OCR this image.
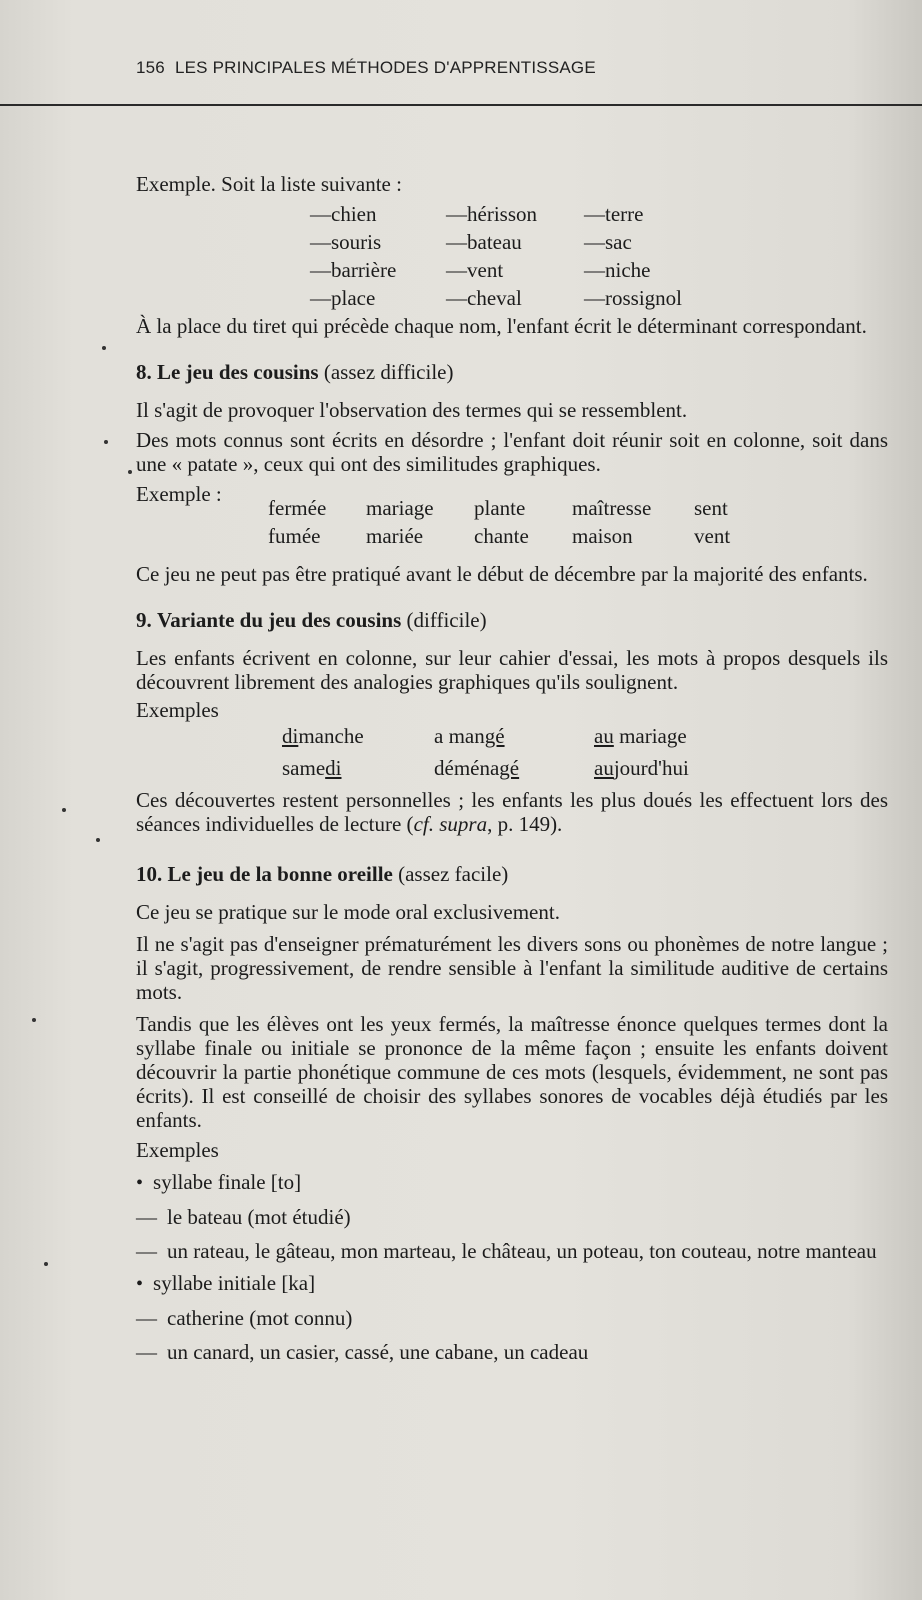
156 LES PRINCIPALES MÉTHODES D'APPRENTISSAGE

Exemple. Soit la liste suivante :

—chien	—hérisson	—terre
—souris	—bateau	—sac
—barrière	—vent	—niche
—place	—cheval	—rossignol

À la place du tiret qui précède chaque nom, l'enfant écrit le déterminant correspondant.

8. Le jeu des cousins (assez difficile)

Il s'agit de provoquer l'observation des termes qui se ressemblent.

Des mots connus sont écrits en désordre ; l'enfant doit réunir soit en colonne, soit dans une « patate », ceux qui ont des similitudes graphiques.

Exemple :

fermée	mariage	plante	maîtresse	sent
fumée	mariée	chante	maison	vent

Ce jeu ne peut pas être pratiqué avant le début de décembre par la majorité des enfants.

9. Variante du jeu des cousins (difficile)

Les enfants écrivent en colonne, sur leur cahier d'essai, les mots à propos desquels ils découvrent librement des analogies graphiques qu'ils soulignent.

Exemples

dimanche	a mangé	au mariage
samedi	déménagé	aujourd'hui

Ces découvertes restent personnelles ; les enfants les plus doués les effectuent lors des séances individuelles de lecture (cf. supra, p. 149).

10. Le jeu de la bonne oreille (assez facile)

Ce jeu se pratique sur le mode oral exclusivement.

Il ne s'agit pas d'enseigner prématurément les divers sons ou phonèmes de notre langue ; il s'agit, progressivement, de rendre sensible à l'enfant la similitude auditive de certains mots.

Tandis que les élèves ont les yeux fermés, la maîtresse énonce quelques termes dont la syllabe finale ou initiale se prononce de la même façon ; ensuite les enfants doivent découvrir la partie phonétique commune de ces mots (lesquels, évidemment, ne sont pas écrits). Il est conseillé de choisir des syllabes sonores de vocables déjà étudiés par les enfants.

Exemples

• syllabe finale [to]

— le bateau (mot étudié)

— un rateau, le gâteau, mon marteau, le château, un poteau, ton couteau, notre manteau

• syllabe initiale [ka]

— catherine (mot connu)

— un canard, un casier, cassé, une cabane, un cadeau
